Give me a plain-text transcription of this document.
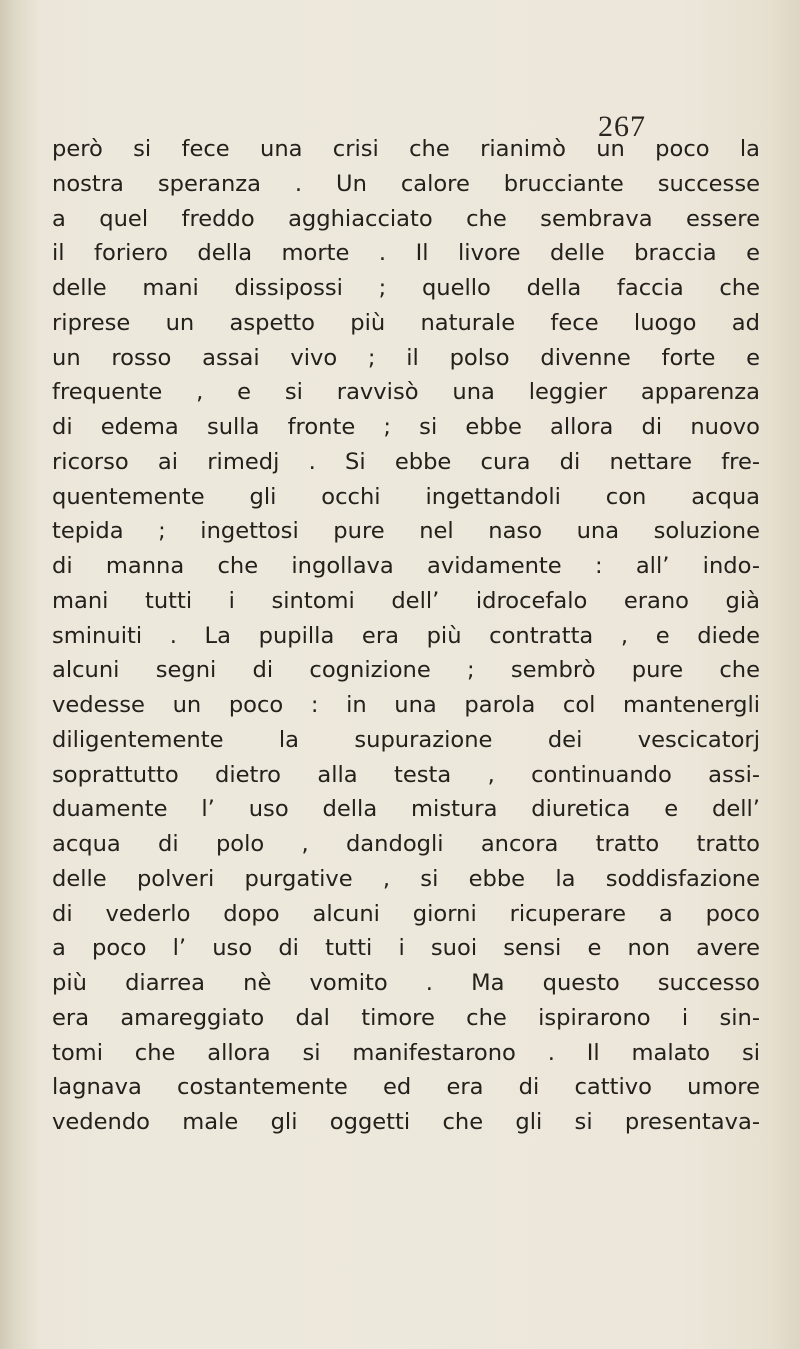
267
però si fece una crisi che rianimò un poco la
nostra speranza . Un calore brucciante successe
a quel freddo agghiacciato che sembrava essere
il foriero della morte . Il livore delle braccia e
delle mani dissipossi ; quello della faccia che
riprese un aspetto più naturale fece luogo ad
un rosso assai vivo ; il polso divenne forte e
frequente , e si ravvisò una leggier apparenza
di edema sulla fronte ; si ebbe allora di nuovo
ricorso ai rimedj . Si ebbe cura di nettare fre-
quentemente gli occhi ingettandoli con acqua
tepida ; ingettosi pure nel naso una soluzione
di manna che ingollava avidamente : all’ indo-
mani tutti i sintomi dell’ idrocefalo erano già
sminuiti . La pupilla era più contratta , e diede
alcuni segni di cognizione ; sembrò pure che
vedesse un poco : in una parola col mantenergli
diligentemente la supurazione dei vescicatorj
soprattutto dietro alla testa , continuando assi-
duamente l’ uso della mistura diuretica e dell’
acqua di polo , dandogli ancora tratto tratto
delle polveri purgative , si ebbe la soddisfazione
di vederlo dopo alcuni giorni ricuperare a poco
a poco l’ uso di tutti i suoi sensi e non avere
più diarrea nè vomito . Ma questo successo
era amareggiato dal timore che ispirarono i sin-
tomi che allora si manifestarono . Il malato si
lagnava costantemente ed era di cattivo umore
vedendo male gli oggetti che gli si presentava-
